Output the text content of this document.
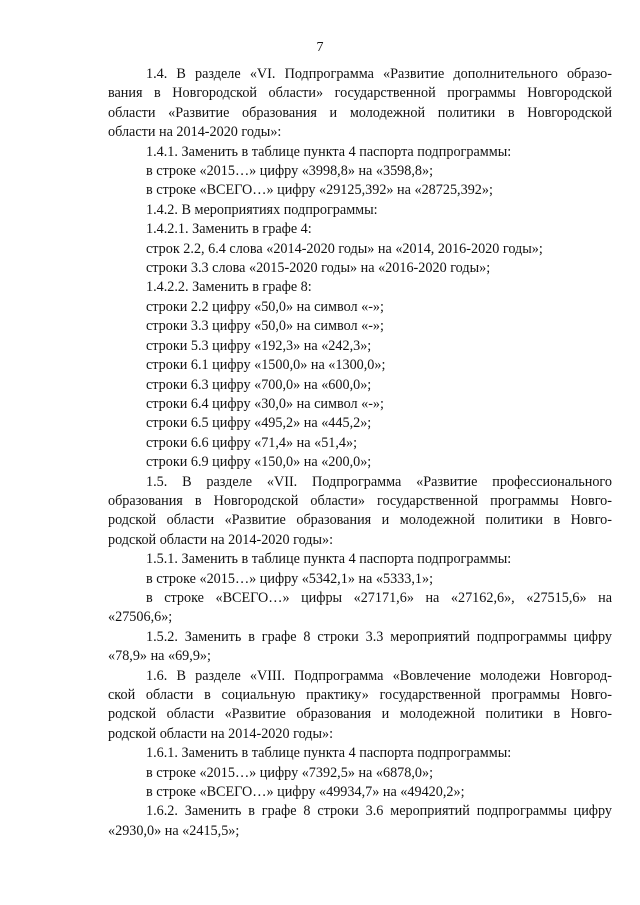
7

1.4. В разделе «VI. Подпрограмма «Развитие дополнительного образо-

вания в Новгородской области» государственной программы Новгородской

области «Развитие образования и молодежной политики в Новгородской

области на 2014-2020 годы»:

1.4.1. Заменить в таблице пункта 4 паспорта подпрограммы:

в строке «2015…» цифру «3998,8» на «3598,8»;

в строке «ВСЕГО…» цифру «29125,392» на «28725,392»;

1.4.2. В мероприятиях подпрограммы:

1.4.2.1. Заменить в графе 4:

строк 2.2, 6.4 слова «2014-2020 годы» на «2014, 2016-2020 годы»;

строки 3.3 слова «2015-2020 годы» на «2016-2020 годы»;

1.4.2.2. Заменить в графе 8:

строки 2.2 цифру «50,0» на символ «-»;

строки 3.3 цифру «50,0» на символ «-»;

строки 5.3 цифру «192,3» на «242,3»;

строки 6.1 цифру «1500,0» на «1300,0»;

строки 6.3 цифру «700,0» на «600,0»;

строки 6.4 цифру «30,0» на символ «-»;

строки 6.5 цифру «495,2» на «445,2»;

строки 6.6 цифру «71,4» на «51,4»;

строки 6.9 цифру «150,0» на «200,0»;

1.5. В разделе «VII. Подпрограмма «Развитие профессионального

образования в Новгородской области» государственной программы Новго-

родской области «Развитие образования и молодежной политики в Новго-

родской области на 2014-2020 годы»:

1.5.1. Заменить в таблице пункта 4 паспорта подпрограммы:

в строке «2015…» цифру «5342,1» на «5333,1»;

в строке «ВСЕГО…» цифры «27171,6» на «27162,6», «27515,6» на

«27506,6»;

1.5.2. Заменить в графе 8 строки 3.3 мероприятий подпрограммы цифру

«78,9» на «69,9»;

1.6. В разделе «VIII. Подпрограмма «Вовлечение молодежи Новгород-

ской области в социальную практику» государственной программы Новго-

родской области «Развитие образования и молодежной политики в Новго-

родской области на 2014-2020 годы»:

1.6.1. Заменить в таблице пункта 4 паспорта подпрограммы:

в строке «2015…» цифру «7392,5» на «6878,0»;

в строке «ВСЕГО…» цифру «49934,7» на «49420,2»;

1.6.2. Заменить в графе 8 строки 3.6 мероприятий подпрограммы цифру

«2930,0» на «2415,5»;
